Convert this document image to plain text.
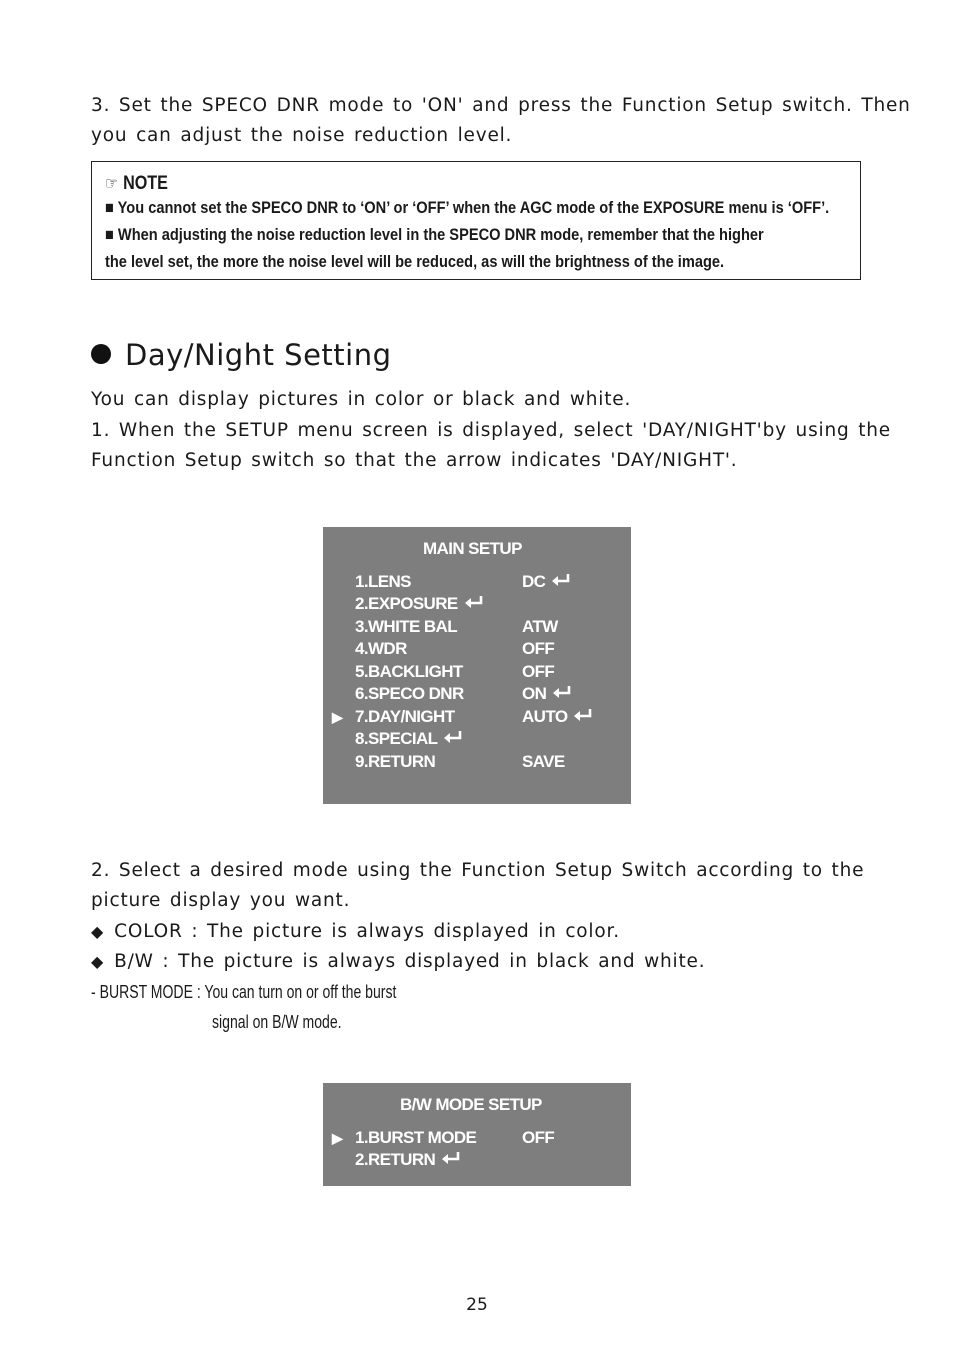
3. Set the SPECO DNR mode to 'ON' and press the Function Setup switch. Then
you can adjust the noise reduction level.
☞ NOTE
■ You cannot set the SPECO DNR to ‘ON’ or ‘OFF’ when the AGC mode of the EXPOSURE menu is ‘OFF’.
■ When adjusting the noise reduction level in the SPECO DNR mode, remember that the higher
the level set, the more the noise level will be reduced, as will the brightness of the image.
Day/Night Setting
You can display pictures in color or black and white.
1. When the SETUP menu screen is displayed, select 'DAY/NIGHT'by using the
Function Setup switch so that the arrow indicates 'DAY/NIGHT'.
MAIN SETUP
1.LENS	DC
2.EXPOSURE
3.WHITE BAL	ATW
4.WDR	OFF
5.BACKLIGHT	OFF
6.SPECO DNR	ON
▶ 7.DAY/NIGHT	AUTO
8.SPECIAL
9.RETURN	SAVE
2. Select a desired mode using the Function Setup Switch according to the
picture display you want.
◆ COLOR : The picture is always displayed in color.
◆ B/W : The picture is always displayed in black and white.
- BURST MODE : You can turn on or off the burst
signal on B/W mode.
B/W MODE SETUP
▶ 1.BURST MODE	OFF
2.RETURN
25
